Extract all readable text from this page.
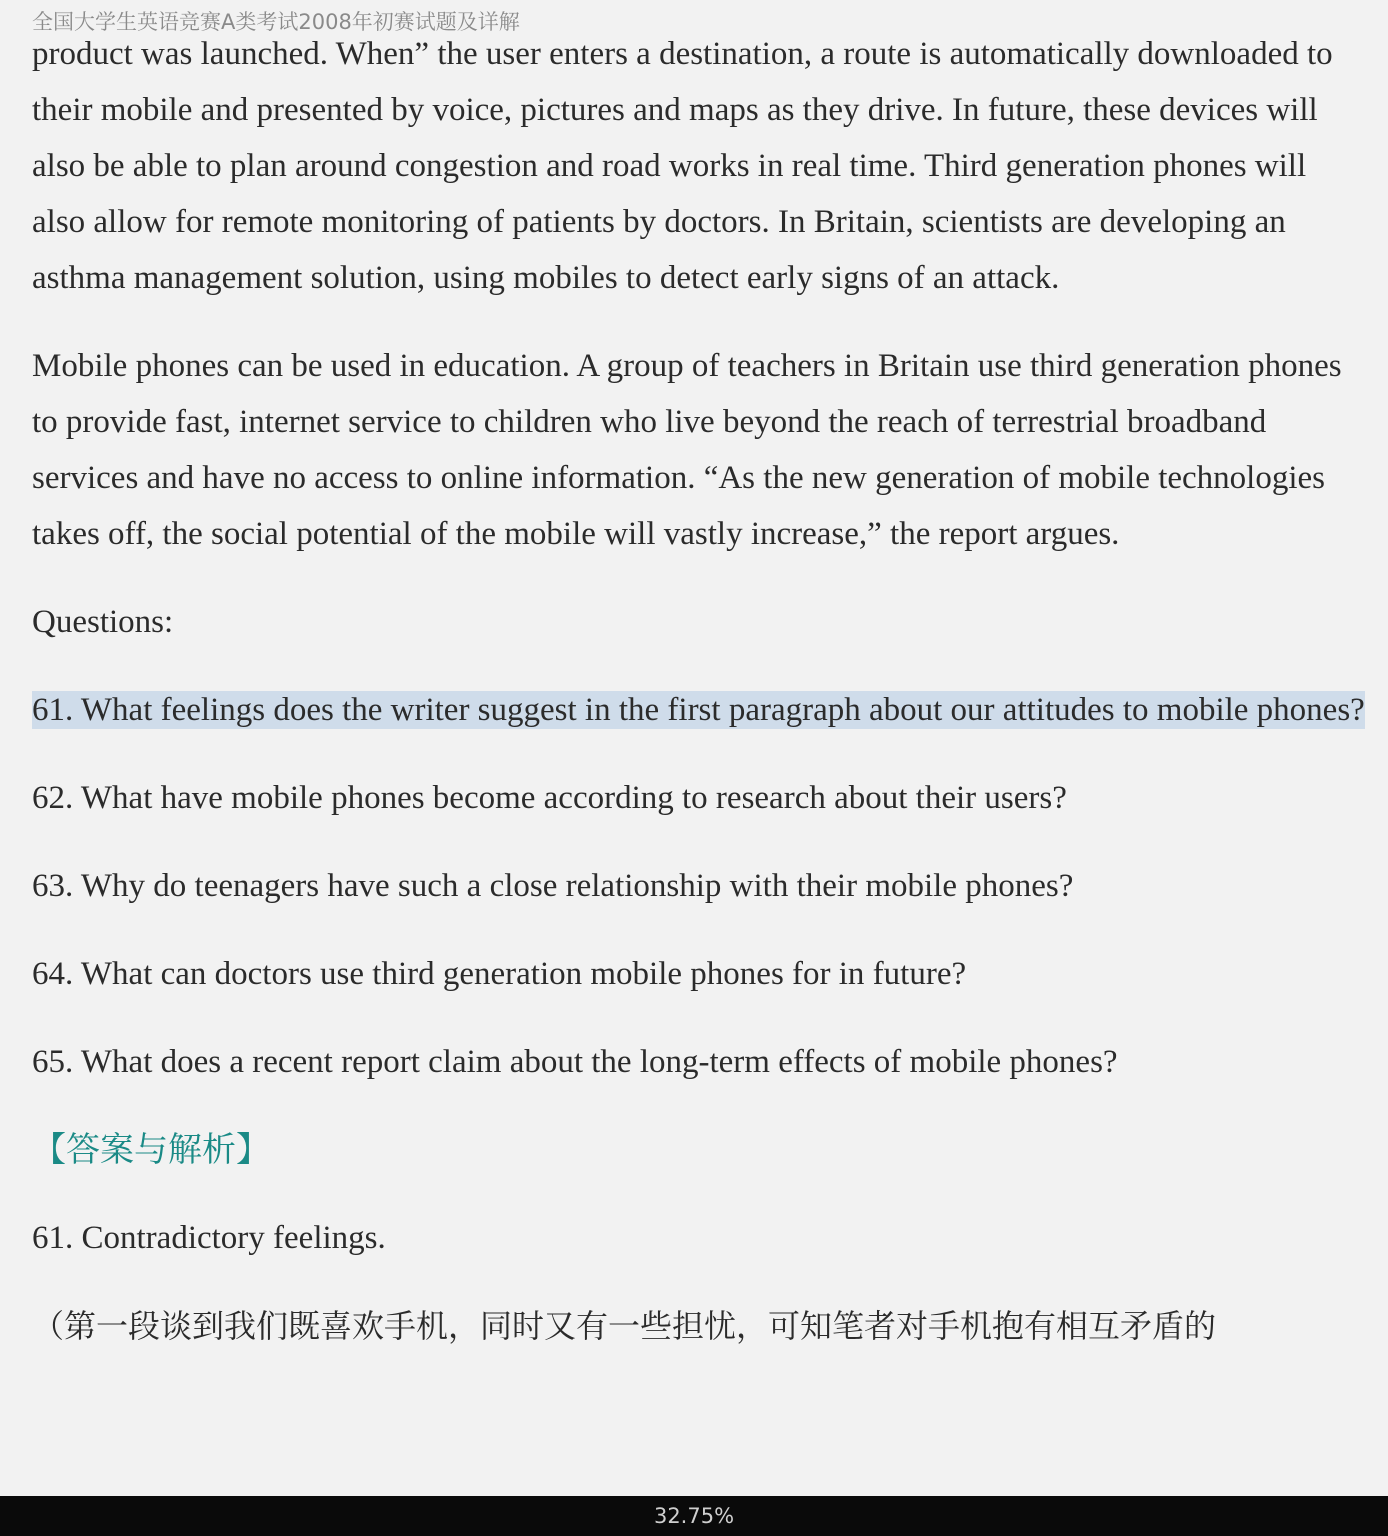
全国大学生英语竞赛A类考试2008年初赛试题及详解

product was launched. When” the user enters a destination, a route is automatically downloaded to their mobile and presented by voice, pictures and maps as they drive. In future, these devices will also be able to plan around congestion and road works in real time. Third generation phones will also allow for remote monitoring of patients by doctors. In Britain, scientists are developing an asthma management solution, using mobiles to detect early signs of an attack.

Mobile phones can be used in education. A group of teachers in Britain use third generation phones to provide fast, internet service to children who live beyond the reach of terrestrial broadband services and have no access to online information. “As the new generation of mobile technologies takes off, the social potential of the mobile will vastly increase,” the report argues.

Questions:

61. What feelings does the writer suggest in the first paragraph about our attitudes to mobile phones?

62. What have mobile phones become according to research about their users?

63. Why do teenagers have such a close relationship with their mobile phones?

64. What can doctors use third generation mobile phones for in future?

65. What does a recent report claim about the long-term effects of mobile phones?

【答案与解析】

61. Contradictory feelings.

（第一段谈到我们既喜欢手机，同时又有一些担忧，可知笔者对手机抱有相互矛盾的

32.75%
